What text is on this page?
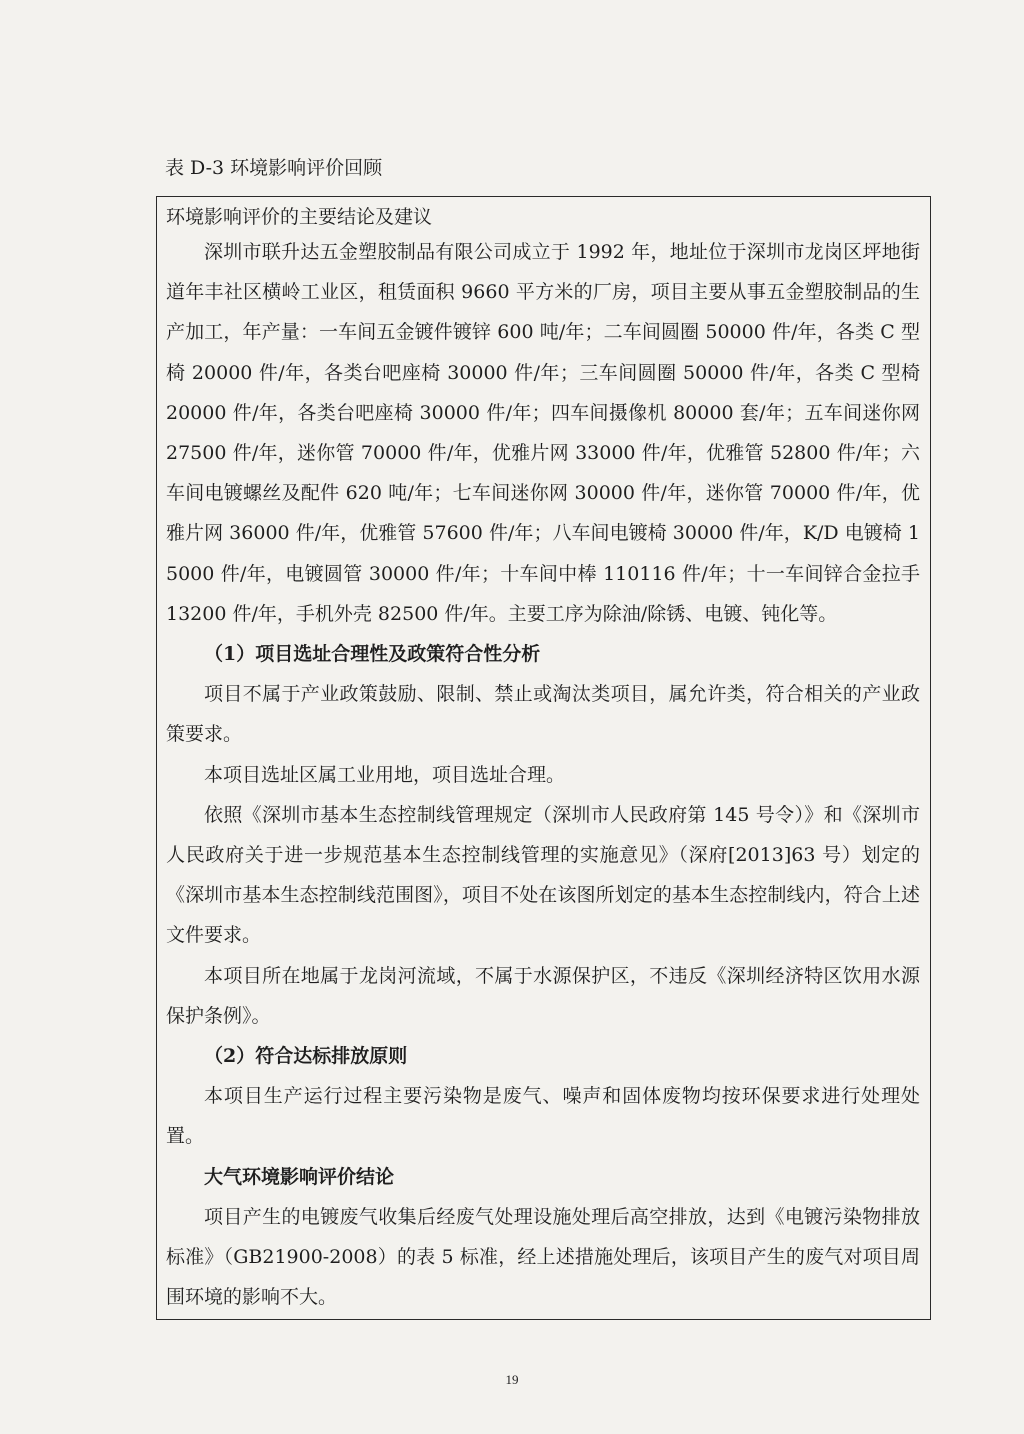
表 D-3 环境影响评价回顾
环境影响评价的主要结论及建议

深圳市联升达五金塑胶制品有限公司成立于 1992 年，地址位于深圳市龙岗区坪地街道年丰社区横岭工业区，租赁面积 9660 平方米的厂房，项目主要从事五金塑胶制品的生产加工，年产量：一车间五金镀件镀锌 600 吨/年；二车间圆圈 50000 件/年，各类 C 型椅 20000 件/年，各类台吧座椅 30000 件/年；三车间圆圈 50000 件/年，各类 C 型椅 20000 件/年，各类台吧座椅 30000 件/年；四车间摄像机 80000 套/年；五车间迷你网 27500 件/年，迷你管 70000 件/年，优雅片网 33000 件/年，优雅管 52800 件/年；六车间电镀螺丝及配件 620 吨/年；七车间迷你网 30000 件/年，迷你管 70000 件/年，优雅片网 36000 件/年，优雅管 57600 件/年；八车间电镀椅 30000 件/年，K/D 电镀椅 15000 件/年，电镀圆管 30000 件/年；十车间中棒 110116 件/年；十一车间锌合金拉手 13200 件/年，手机外壳 82500 件/年。主要工序为除油/除锈、电镀、钝化等。

（1）项目选址合理性及政策符合性分析

项目不属于产业政策鼓励、限制、禁止或淘汰类项目，属允许类，符合相关的产业政策要求。

本项目选址区属工业用地，项目选址合理。

依照《深圳市基本生态控制线管理规定（深圳市人民政府第 145 号令）》和《深圳市人民政府关于进一步规范基本生态控制线管理的实施意见》（深府[2013]63 号）划定的《深圳市基本生态控制线范围图》，项目不处在该图所划定的基本生态控制线内，符合上述文件要求。

本项目所在地属于龙岗河流域，不属于水源保护区，不违反《深圳经济特区饮用水源保护条例》。

（2）符合达标排放原则

本项目生产运行过程主要污染物是废气、噪声和固体废物均按环保要求进行处理处置。

大气环境影响评价结论

项目产生的电镀废气收集后经废气处理设施处理后高空排放，达到《电镀污染物排放标准》（GB21900-2008）的表 5 标准，经上述措施处理后，该项目产生的废气对项目周围环境的影响不大。

19
